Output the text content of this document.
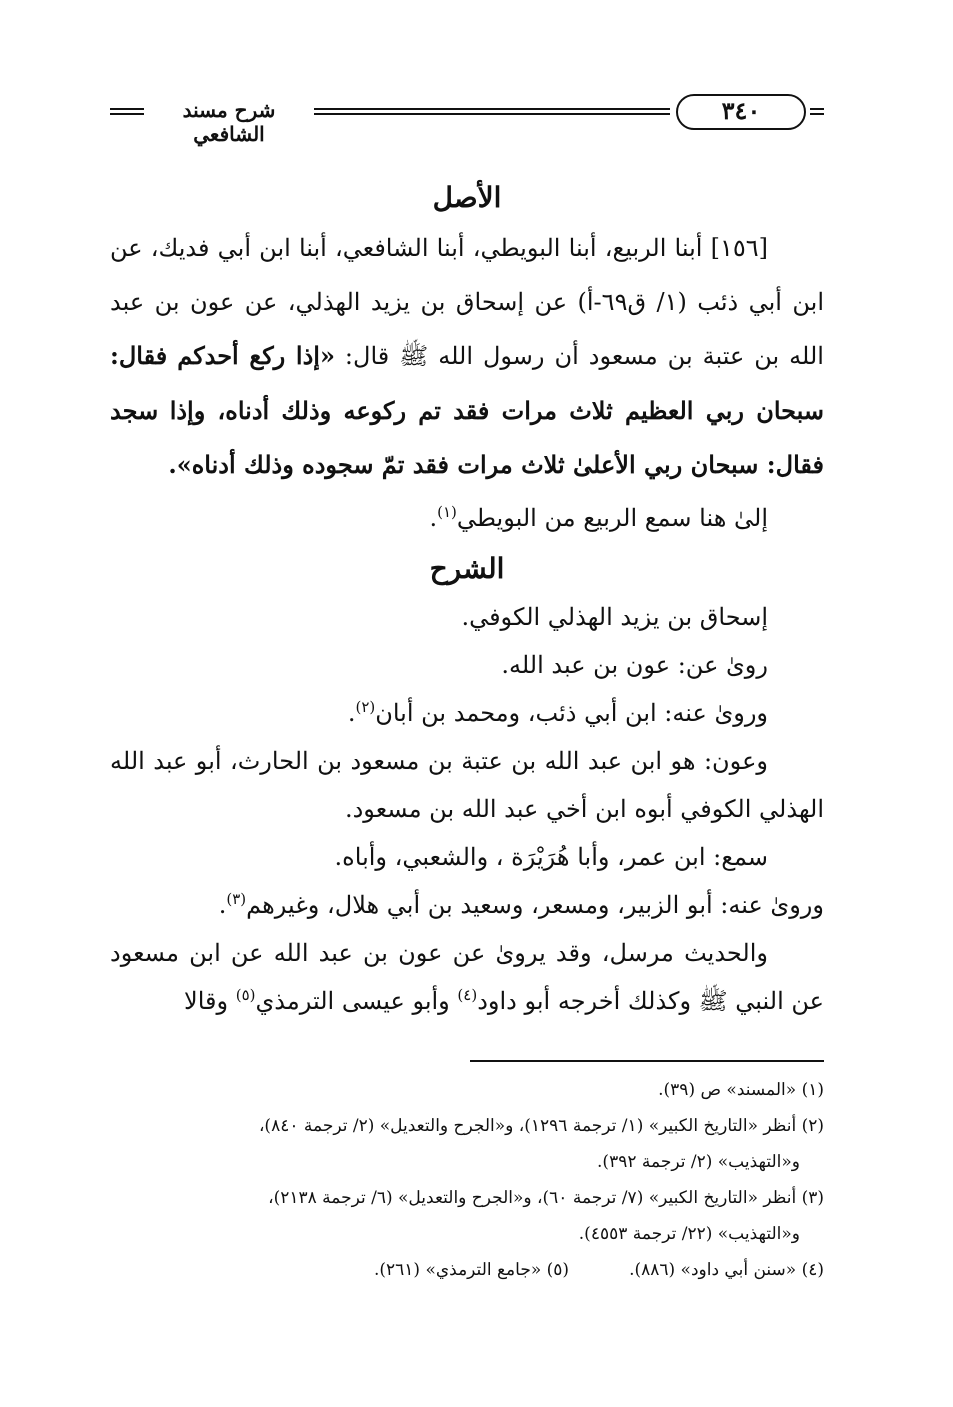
شرح مسند الشافعي
٣٤٠
الأصل
[١٥٦] أبنا الربيع، أبنا البويطي، أبنا الشافعي، أبنا ابن أبي فديك، عن ابن أبي ذئب (١/ ق٦٩-أ) عن إسحاق بن يزيد الهذلي، عن عون بن عبد الله بن عتبة بن مسعود أن رسول الله ﷺ قال: «إذا ركع أحدكم فقال: سبحان ربي العظيم ثلاث مرات فقد تم ركوعه وذلك أدناه، وإذا سجد فقال: سبحان ربي الأعلىٰ ثلاث مرات فقد تمّ سجوده وذلك أدناه».
إلىٰ هنا سمع الربيع من البويطي$^{(١)}$.
الشرح
إسحاق بن يزيد الهذلي الكوفي.
رویٰ عن: عون بن عبد الله.
ورویٰ عنه: ابن أبي ذئب، ومحمد بن أبان$^{(٢)}$.
وعون: هو ابن عبد الله بن عتبة بن مسعود بن الحارث، أبو عبد الله الهذلي الكوفي أبوه ابن أخي عبد الله بن مسعود.
سمع: ابن عمر، وأبا هُرَيْرَة ، والشعبي، وأباه.
ورویٰ عنه: أبو الزبير، ومسعر، وسعيد بن أبي هلال، وغيرهم$^{(٣)}$.
والحديث مرسل، وقد يرویٰ عن عون بن عبد الله عن ابن مسعود عن النبي ﷺ وكذلك أخرجه أبو داود$^{(٤)}$ وأبو عيسى الترمذي$^{(٥)}$ وقالا

(١) «المسند» ص (٣٩).

(٢) أنظر «التاريخ الكبير» (١/ ترجمة ١٢٩٦)، و«الجرح والتعديل» (٢/ ترجمة ٨٤٠)،

و«التهذيب» (٢/ ترجمة ٣٩٢).

(٣) أنظر «التاريخ الكبير» (٧/ ترجمة ٦٠)، و«الجرح والتعديل» (٦/ ترجمة ٢١٣٨)،

و«التهذيب» (٢٢/ ترجمة ٤٥٥٣).

(٤) «سنن أبي داود» (٨٨٦).
(٥) «جامع الترمذي» (٢٦١).
